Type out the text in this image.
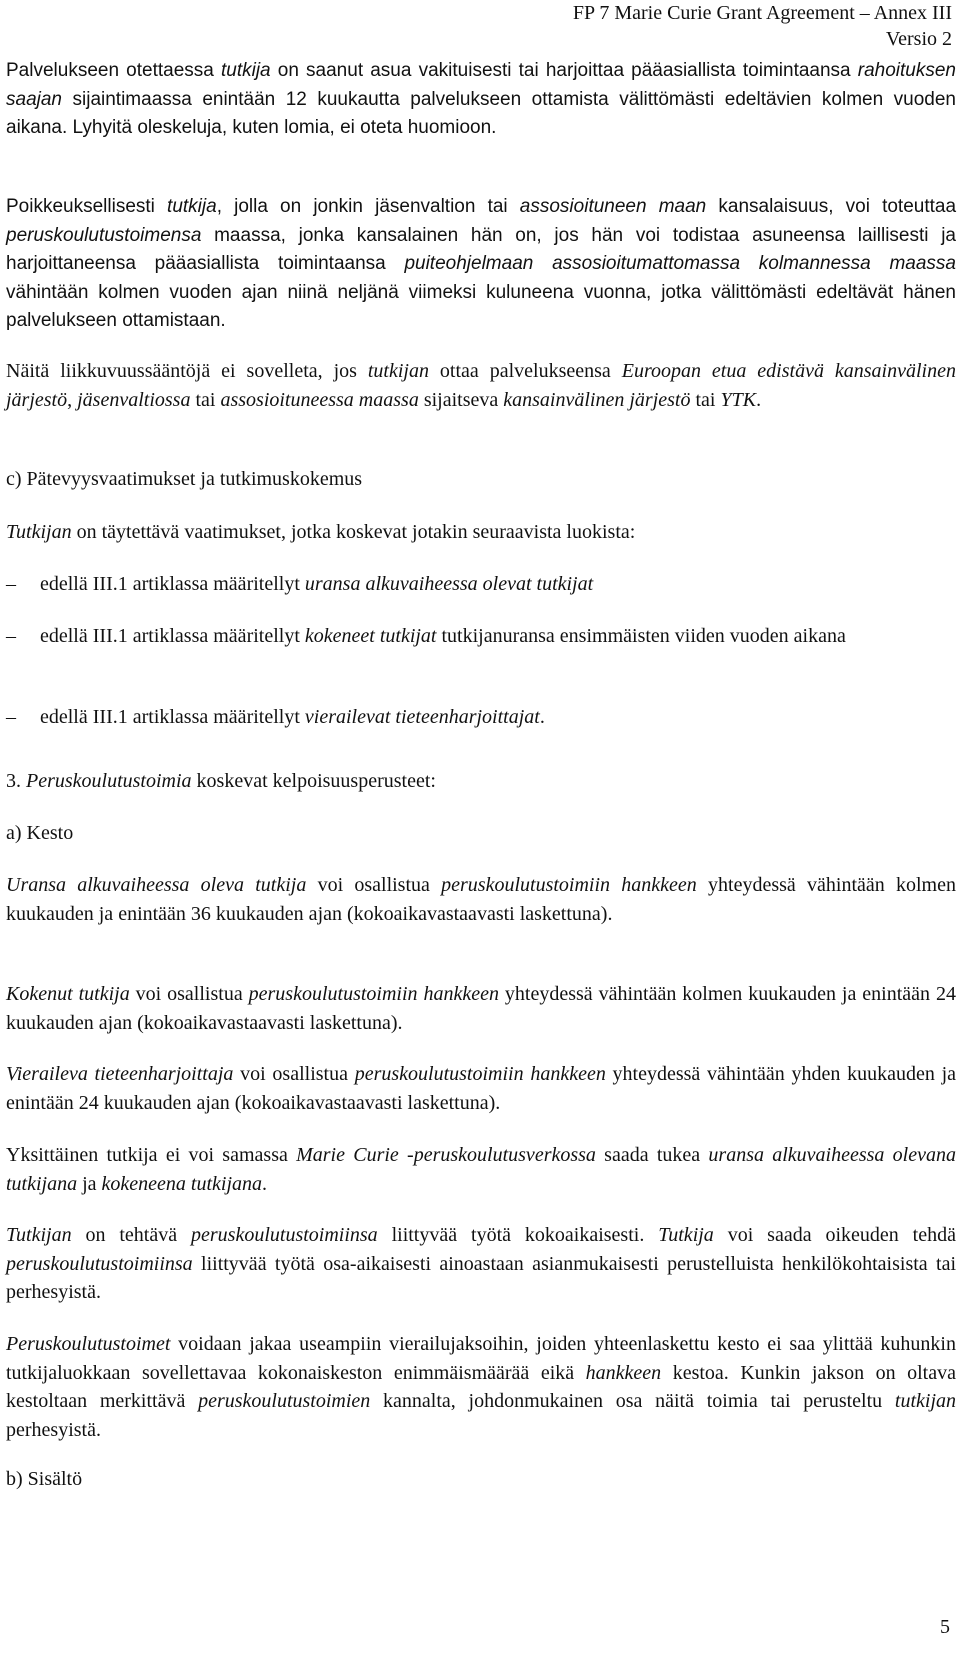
FP 7 Marie Curie Grant Agreement – Annex III
Versio 2

Palvelukseen otettaessa tutkija on saanut asua vakituisesti tai harjoittaa pääasiallista toimintaansa rahoituksen saajan sijaintimaassa enintään 12 kuukautta palvelukseen ottamista välittömästi edeltävien kolmen vuoden aikana. Lyhyitä oleskeluja, kuten lomia, ei oteta huomioon.

Poikkeuksellisesti tutkija, jolla on jonkin jäsenvaltion tai assosioituneen maan kansalaisuus, voi toteuttaa peruskoulutustoimensa maassa, jonka kansalainen hän on, jos hän voi todistaa asuneensa laillisesti ja harjoittaneensa pääasiallista toimintaansa puiteohjelmaan assosioitumattomassa kolmannessa maassa vähintään kolmen vuoden ajan niinä neljänä viimeksi kuluneena vuonna, jotka välittömästi edeltävät hänen palvelukseen ottamistaan.

Näitä liikkuvuussääntöjä ei sovelleta, jos tutkijan ottaa palvelukseensa Euroopan etua edistävä kansainvälinen järjestö, jäsenvaltiossa tai assosioituneessa maassa sijaitseva kansainvälinen järjestö tai YTK.

c) Pätevyysvaatimukset ja tutkimuskokemus

Tutkijan on täytettävä vaatimukset, jotka koskevat jotakin seuraavista luokista:

– edellä III.1 artiklassa määritellyt uransa alkuvaiheessa olevat tutkijat

– edellä III.1 artiklassa määritellyt kokeneet tutkijat tutkijanuransa ensimmäisten viiden vuoden aikana

– edellä III.1 artiklassa määritellyt vierailevat tieteenharjoittajat.

3. Peruskoulutustoimia koskevat kelpoisuusperusteet:

a) Kesto

Uransa alkuvaiheessa oleva tutkija voi osallistua peruskoulutustoimiin hankkeen yhteydessä vähintään kolmen kuukauden ja enintään 36 kuukauden ajan (kokoaikavastaavasti laskettuna).

Kokenut tutkija voi osallistua peruskoulutustoimiin hankkeen yhteydessä vähintään kolmen kuukauden ja enintään 24 kuukauden ajan (kokoaikavastaavasti laskettuna).

Vieraileva tieteenharjoittaja voi osallistua peruskoulutustoimiin hankkeen yhteydessä vähintään yhden kuukauden ja enintään 24 kuukauden ajan (kokoaikavastaavasti laskettuna).

Yksittäinen tutkija ei voi samassa Marie Curie -peruskoulutusverkossa saada tukea uransa alkuvaiheessa olevana tutkijana ja kokeneena tutkijana.

Tutkijan on tehtävä peruskoulutustoimiinsa liittyvää työtä kokoaikaisesti. Tutkija voi saada oikeuden tehdä peruskoulutustoimiinsa liittyvää työtä osa-aikaisesti ainoastaan asianmukaisesti perustelluista henkilökohtaisista tai perhesyistä.

Peruskoulutustoimet voidaan jakaa useampiin vierailujaksoihin, joiden yhteenlaskettu kesto ei saa ylittää kuhunkin tutkijaluokkaan sovellettavaa kokonaiskeston enimmäismäärää eikä hankkeen kestoa. Kunkin jakson on oltava kestoltaan merkittävä peruskoulutustoimien kannalta, johdonmukainen osa näitä toimia tai perusteltu tutkijan perhesyistä.

b) Sisältö

5
